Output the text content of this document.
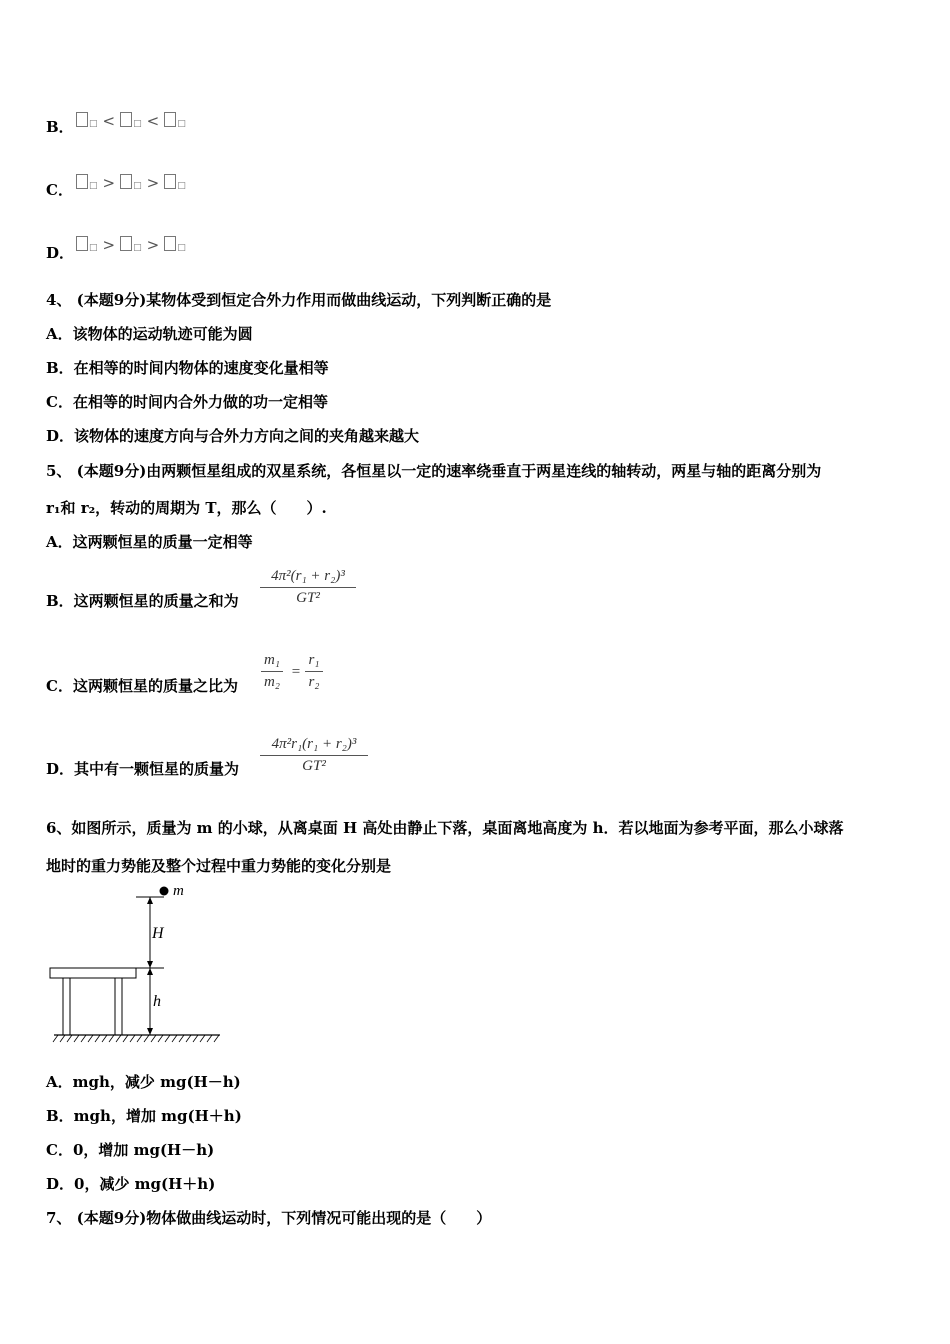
B．	□ < □ < □
C．	□ > □ > □
D．	□ > □ > □
4、 (本题9分)某物体受到恒定合外力作用而做曲线运动，下列判断正确的是
A．该物体的运动轨迹可能为圆
B．在相等的时间内物体的速度变化量相等
C．在相等的时间内合外力做的功一定相等
D．该物体的速度方向与合外力方向之间的夹角越来越大
5、 (本题9分)由两颗恒星组成的双星系统，各恒星以一定的速率绕垂直于两星连线的轴转动，两星与轴的距离分别为
r₁和 r₂，转动的周期为 T，那么（　　）.
A．这两颗恒星的质量一定相等
B．这两颗恒星的质量之和为
4π²(r₁ + r₂)³
GT²
C．这两颗恒星的质量之比为
m₁
m₂
=
r₁
r₂
D．其中有一颗恒星的质量为
4π²r₁(r₁ + r₂)³
GT²
6、如图所示，质量为 m 的小球，从离桌面 H 高处由静止下落，桌面离地高度为 h．若以地面为参考平面，那么小球落
地时的重力势能及整个过程中重力势能的变化分别是
m
H
h
A．mgh，减少 mg(H－h)
B．mgh，增加 mg(H＋h)
C．0，增加 mg(H－h)
D．0，减少 mg(H＋h)
7、 (本题9分)物体做曲线运动时，下列情况可能出现的是（　　）
